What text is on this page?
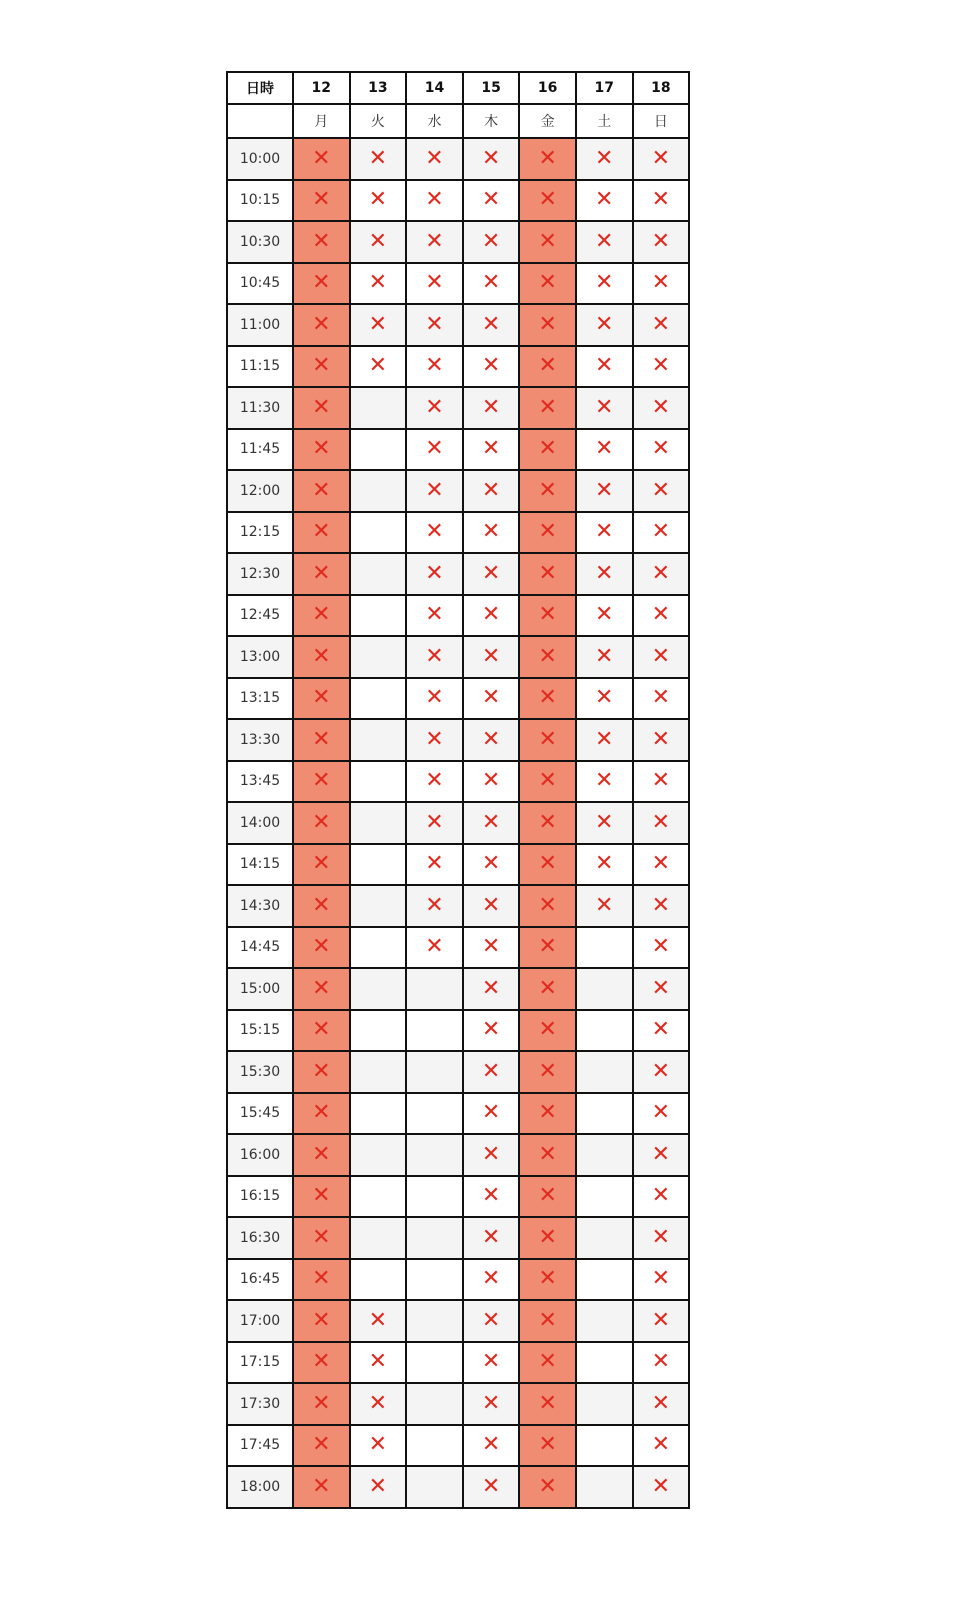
日時	12	13	14	15	16	17	18
	月	火	水	木	金	土	日
10:00	✕	✕	✕	✕	✕	✕	✕
10:15	✕	✕	✕	✕	✕	✕	✕
10:30	✕	✕	✕	✕	✕	✕	✕
10:45	✕	✕	✕	✕	✕	✕	✕
11:00	✕	✕	✕	✕	✕	✕	✕
11:15	✕	✕	✕	✕	✕	✕	✕
11:30	✕		✕	✕	✕	✕	✕
11:45	✕		✕	✕	✕	✕	✕
12:00	✕		✕	✕	✕	✕	✕
12:15	✕		✕	✕	✕	✕	✕
12:30	✕		✕	✕	✕	✕	✕
12:45	✕		✕	✕	✕	✕	✕
13:00	✕		✕	✕	✕	✕	✕
13:15	✕		✕	✕	✕	✕	✕
13:30	✕		✕	✕	✕	✕	✕
13:45	✕		✕	✕	✕	✕	✕
14:00	✕		✕	✕	✕	✕	✕
14:15	✕		✕	✕	✕	✕	✕
14:30	✕		✕	✕	✕	✕	✕
14:45	✕		✕	✕	✕		✕
15:00	✕			✕	✕		✕
15:15	✕			✕	✕		✕
15:30	✕			✕	✕		✕
15:45	✕			✕	✕		✕
16:00	✕			✕	✕		✕
16:15	✕			✕	✕		✕
16:30	✕			✕	✕		✕
16:45	✕			✕	✕		✕
17:00	✕	✕		✕	✕		✕
17:15	✕	✕		✕	✕		✕
17:30	✕	✕		✕	✕		✕
17:45	✕	✕		✕	✕		✕
18:00	✕	✕		✕	✕		✕
